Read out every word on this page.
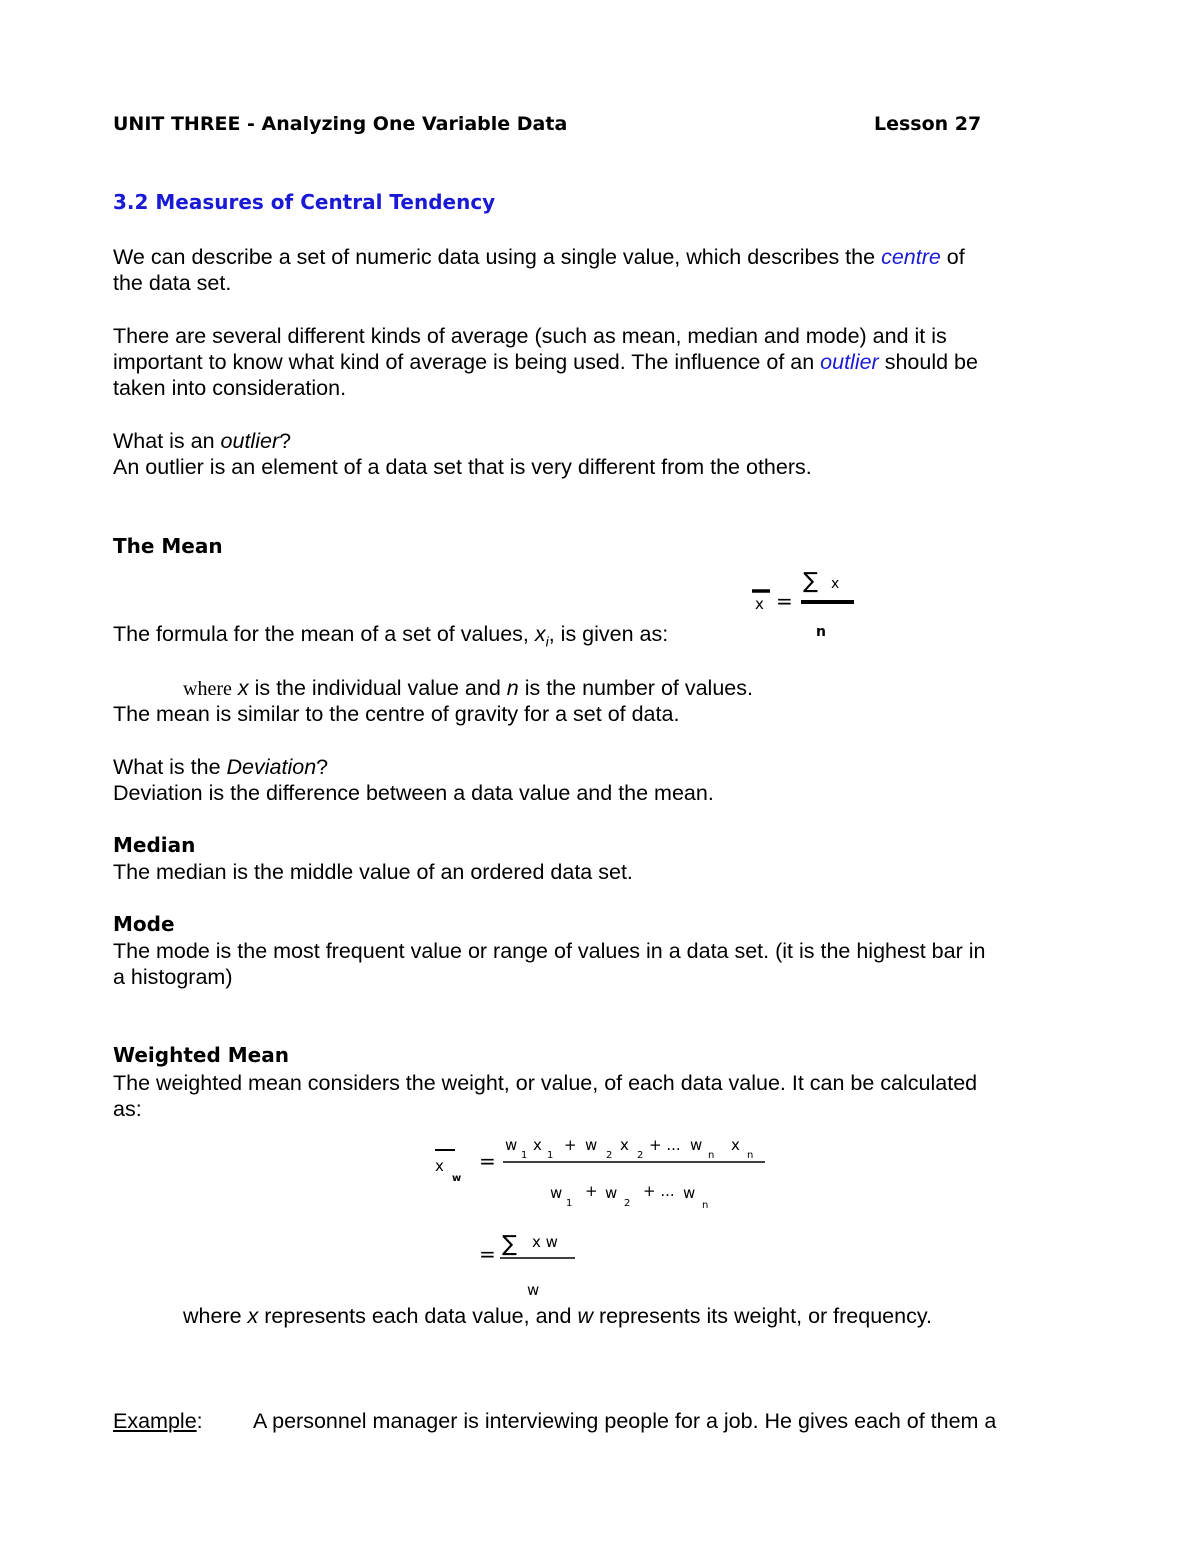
UNIT THREE - Analyzing One Variable Data	Lesson 27
3.2 Measures of Central Tendency
We can describe a set of numeric data using a single value, which describes the centre of
the data set.
There are several different kinds of average (such as mean, median and mode) and it is
important to know what kind of average is being used. The influence of an outlier should be
taken into consideration.
What is an outlier?
An outlier is an element of a data set that is very different from the others.
The Mean
x =
∑ x
n
The formula for the mean of a set of values, $x_i$, is given as:
where x is the individual value and n is the number of values.
The mean is similar to the centre of gravity for a set of data.
What is the Deviation?
Deviation is the difference between a data value and the mean.
Median
The median is the middle value of an ordered data set.
Mode
The mode is the most frequent value or range of values in a data set. (it is the highest bar in
a histogram)
Weighted Mean
The weighted mean considers the weight, or value, of each data value. It can be calculated
as:
x
w
=
w
1
x
1
+ w
2
x
2
+ ... w
n
x
n
w
1
+ w
2
+ ... w
n
= ∑ x w
w
where x represents each data value, and w represents its weight, or frequency.
Example: A personnel manager is interviewing people for a job. He gives each of them a
